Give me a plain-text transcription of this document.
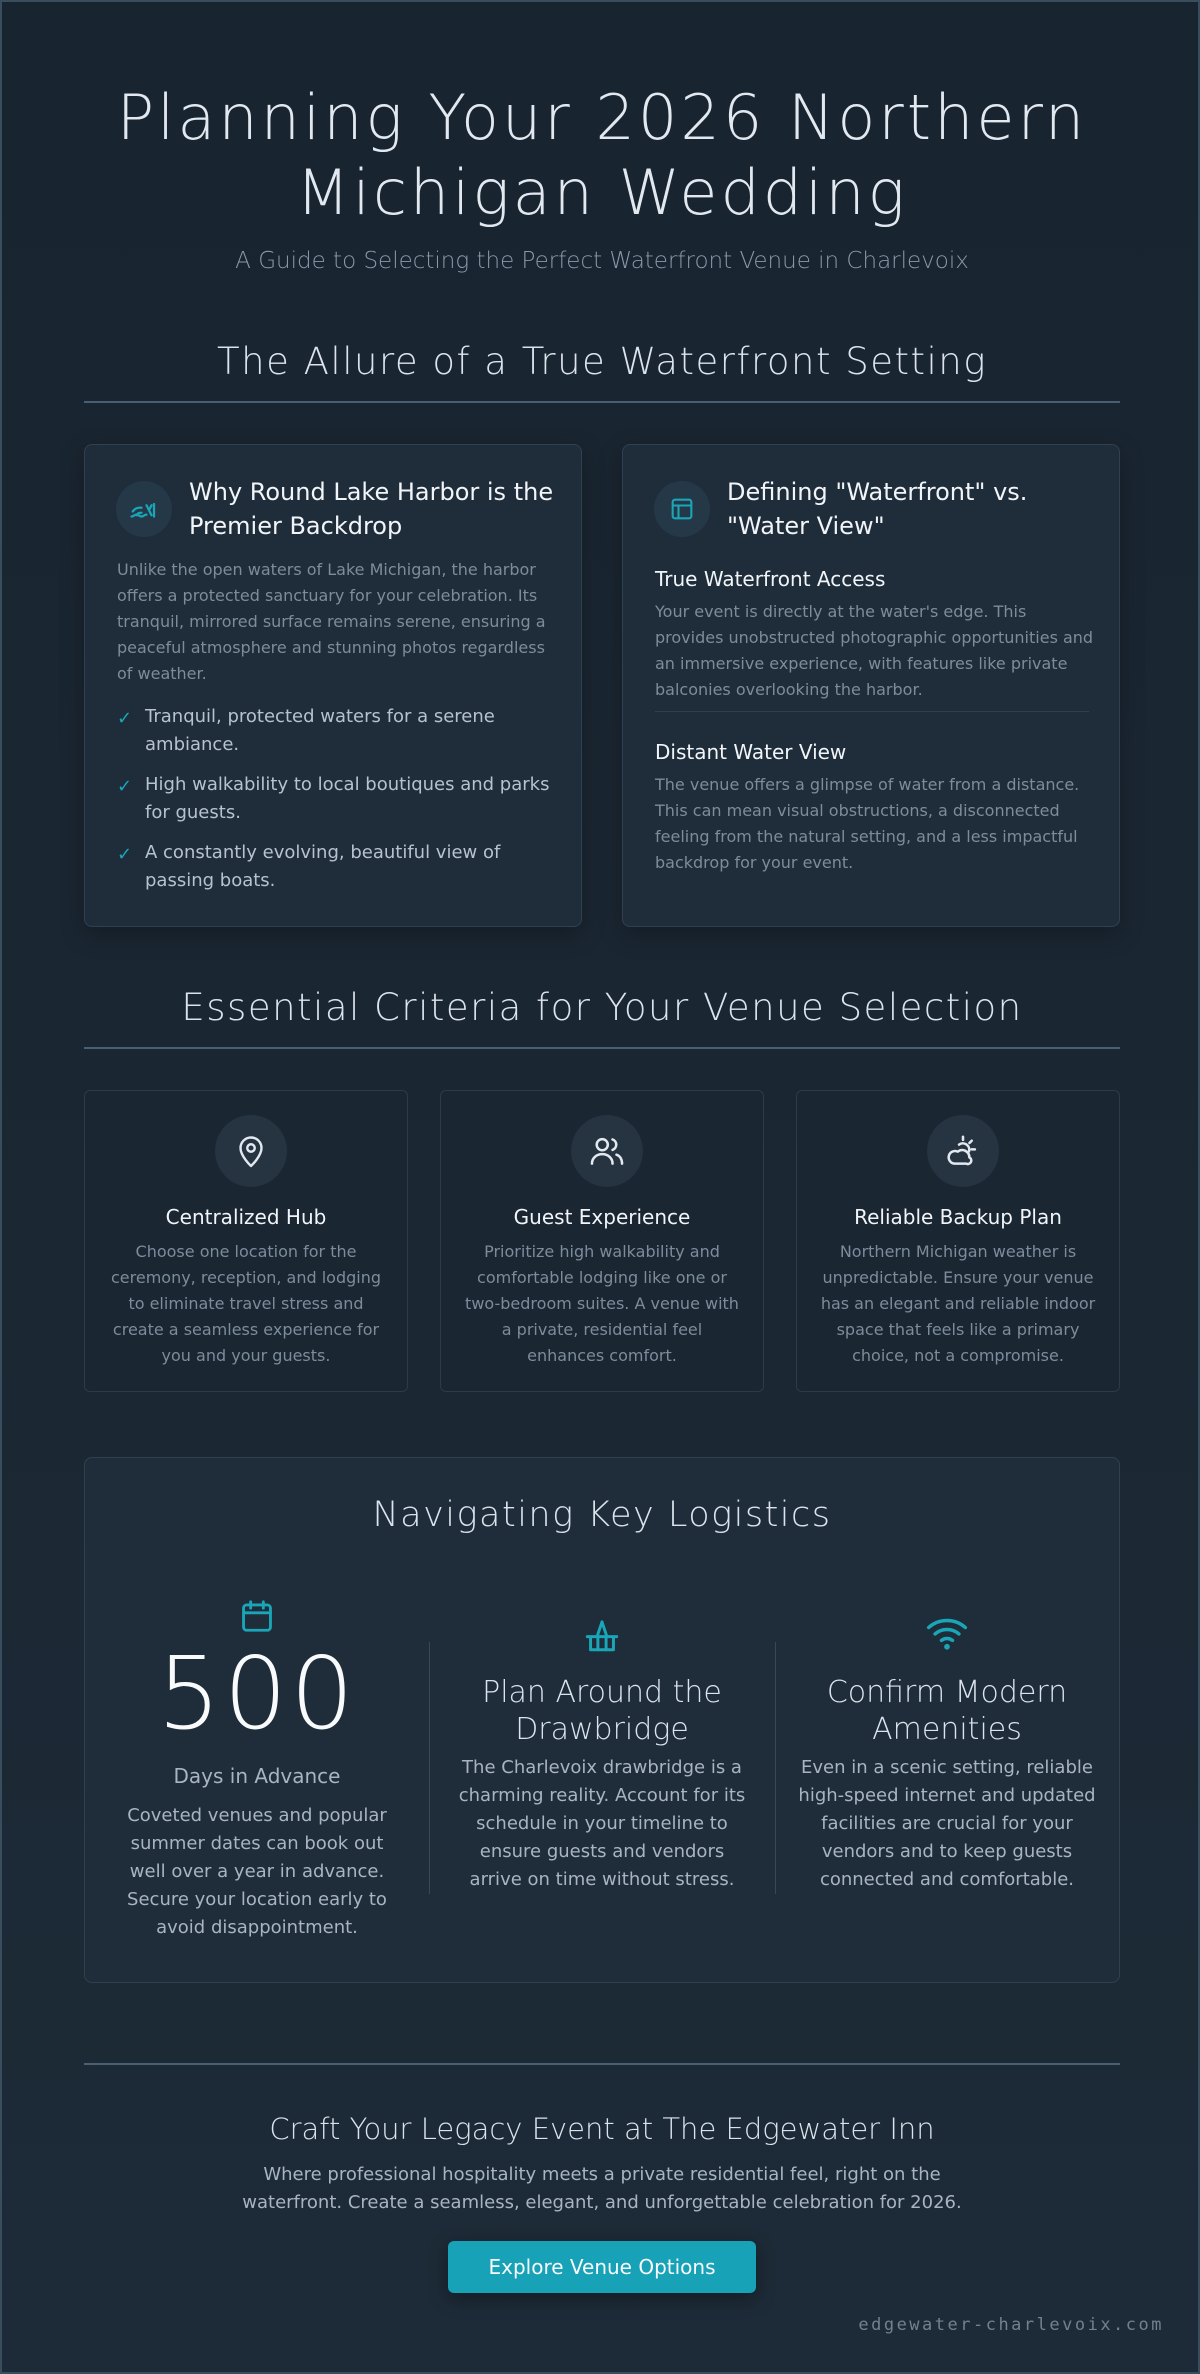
Planning Your 2026 Northern Michigan Wedding
A Guide to Selecting the Perfect Waterfront Venue in Charlevoix
The Allure of a True Waterfront Setting
Why Round Lake Harbor is the Premier Backdrop
Unlike the open waters of Lake Michigan, the harbor offers a protected sanctuary for your celebration. Its tranquil, mirrored surface remains serene, ensuring a peaceful atmosphere and stunning photos regardless of weather.
✓ Tranquil, protected waters for a serene ambiance.
✓ High walkability to local boutiques and parks for guests.
✓ A constantly evolving, beautiful view of passing boats.
Defining "Waterfront" vs. "Water View"
True Waterfront Access
Your event is directly at the water's edge. This provides unobstructed photographic opportunities and an immersive experience, with features like private balconies overlooking the harbor.
Distant Water View
The venue offers a glimpse of water from a distance. This can mean visual obstructions, a disconnected feeling from the natural setting, and a less impactful backdrop for your event.
Essential Criteria for Your Venue Selection
Centralized Hub
Choose one location for the ceremony, reception, and lodging to eliminate travel stress and create a seamless experience for you and your guests.
Guest Experience
Prioritize high walkability and comfortable lodging like one or two-bedroom suites. A venue with a private, residential feel enhances comfort.
Reliable Backup Plan
Northern Michigan weather is unpredictable. Ensure your venue has an elegant and reliable indoor space that feels like a primary choice, not a compromise.
Navigating Key Logistics
500
Days in Advance
Coveted venues and popular summer dates can book out well over a year in advance. Secure your location early to avoid disappointment.
Plan Around the Drawbridge
The Charlevoix drawbridge is a charming reality. Account for its schedule in your timeline to ensure guests and vendors arrive on time without stress.
Confirm Modern Amenities
Even in a scenic setting, reliable high-speed internet and updated facilities are crucial for your vendors and to keep guests connected and comfortable.
Craft Your Legacy Event at The Edgewater Inn
Where professional hospitality meets a private residential feel, right on the waterfront. Create a seamless, elegant, and unforgettable celebration for 2026.
Explore Venue Options
edgewater-charlevoix.com
